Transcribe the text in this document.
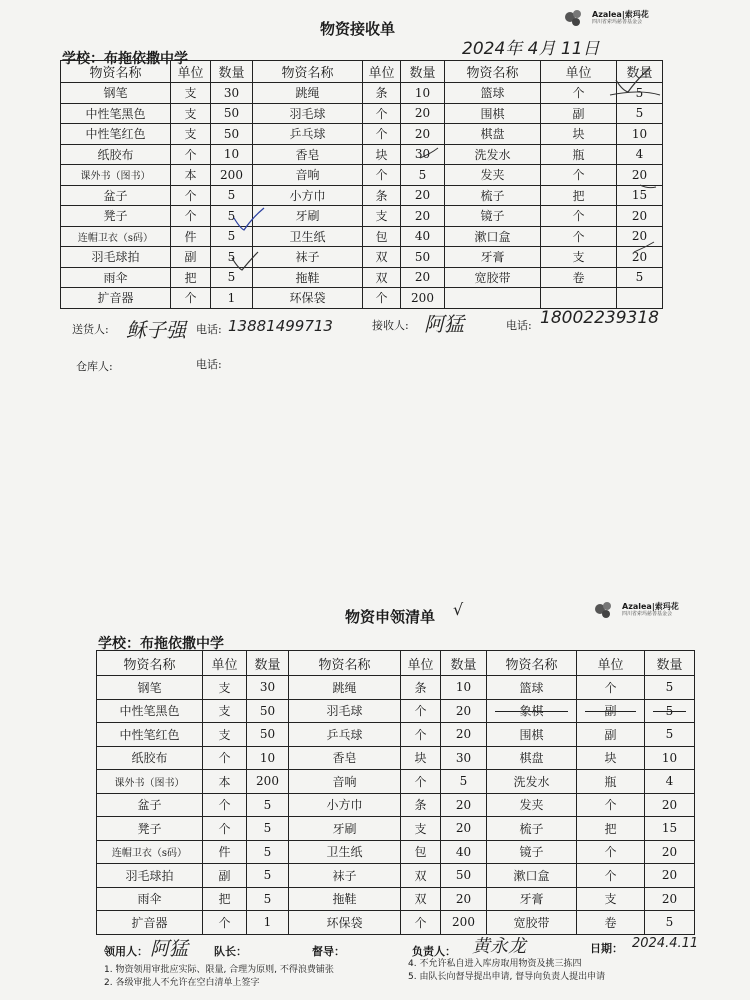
物资接收单
Azalea|索玛花
四川省索玛慈善基金会
学校：布拖依撒中学	2024年 4月 11日
物资名称	单位	数量	物资名称	单位	数量	物资名称	单位	数量
钢笔	支	30	跳绳	条	10	篮球	个	5
中性笔黑色	支	50	羽毛球	个	20	围棋	副	5
中性笔红色	支	50	乒乓球	个	20	棋盘	块	10
纸胶布	个	10	香皂	块	30	洗发水	瓶	4
课外书（图书）	本	200	音响	个	5	发夹	个	20
盆子	个	5	小方巾	条	20	梳子	把	15
凳子	个	5	牙刷	支	20	镜子	个	20
连帽卫衣（s码）	件	5	卫生纸	包	40	漱口盒	个	20
羽毛球拍	副	5	袜子	双	50	牙膏	支	20
雨伞	把	5	拖鞋	双	20	宽胶带	卷	5
扩音器	个	1	环保袋	个	200			
送货人: 稣子强 电话: 13881499713	接收人: 阿猛	电话: 18002239318
仓库人:	电话:
物资申领清单 √	Azalea|索玛花
四川省索玛慈善基金会
学校：布拖依撒中学
物资名称	单位	数量	物资名称	单位	数量	物资名称	单位	数量
钢笔	支	30	跳绳	条	10	篮球	个	5
中性笔黑色	支	50	羽毛球	个	20	象棋	副	5
中性笔红色	支	50	乒乓球	个	20	围棋	副	5
纸胶布	个	10	香皂	块	30	棋盘	块	10
课外书（图书）	本	200	音响	个	5	洗发水	瓶	4
盆子	个	5	小方巾	条	20	发夹	个	20
凳子	个	5	牙刷	支	20	梳子	把	15
连帽卫衣（s码）	件	5	卫生纸	包	40	镜子	个	20
羽毛球拍	副	5	袜子	双	50	漱口盒	个	20
雨伞	把	5	拖鞋	双	20	牙膏	支	20
扩音器	个	1	环保袋	个	200	宽胶带	卷	5
领用人： 阿猛 队长：	督导：	负责人： 黄永龙	日期： 2024.4.11
1. 物资领用审批应实际、限量, 合理为原则, 不得浪费铺张
2. 各级审批人不允许在空白清单上签字
4. 不允许私自进入库房取用物资及挑三拣四
5. 由队长向督导提出申请, 督导向负责人提出申请
